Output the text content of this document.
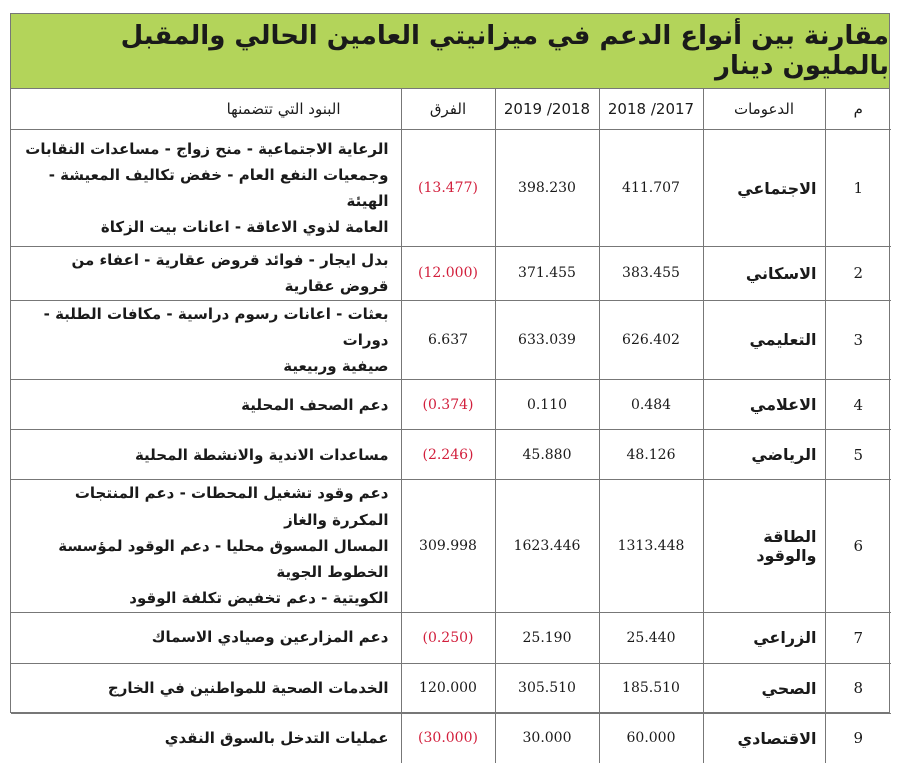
مقارنة بين أنواع الدعم في ميزانيتي العامين الحالي والمقبل بالمليون دينار
م	الدعومات	2017/ 2018	2018/ 2019	الفرق	البنود التي تتضمنها
1	الاجتماعي	411.707	398.230	(13.477)	الرعاية الاجتماعية - منح زواج - مساعدات النقابات
وجمعيات النفع العام - خفض تكاليف المعيشة - الهيئة
العامة لذوي الاعاقة - اعانات بيت الزكاة

2	الاسكاني	383.455	371.455	(12.000)	بدل ايجار - فوائد قروض عقارية - اعفاء من قروض عقارية

3	التعليمي	626.402	633.039	6.637	بعثات - اعانات رسوم دراسية - مكافات الطلبة - دورات
صيفية وربيعية

4	الاعلامي	0.484	0.110	(0.374)	دعم الصحف المحلية

5	الرياضي	48.126	45.880	(2.246)	مساعدات الاندية والانشطة المحلية

6	الطاقة والوقود	1313.448	1623.446	309.998	دعم وقود تشغيل المحطات - دعم المنتجات المكررة والغاز
المسال المسوق محليا - دعم الوقود لمؤسسة الخطوط الجوية
الكويتية - دعم تخفيض تكلفة الوقود

7	الزراعي	25.440	25.190	(0.250)	دعم المزارعين وصيادي الاسماك

8	الصحي	185.510	305.510	120.000	الخدمات الصحية للمواطنين في الخارج

9	الاقتصادي	60.000	30.000	(30.000)	عمليات التدخل بالسوق النقدي
